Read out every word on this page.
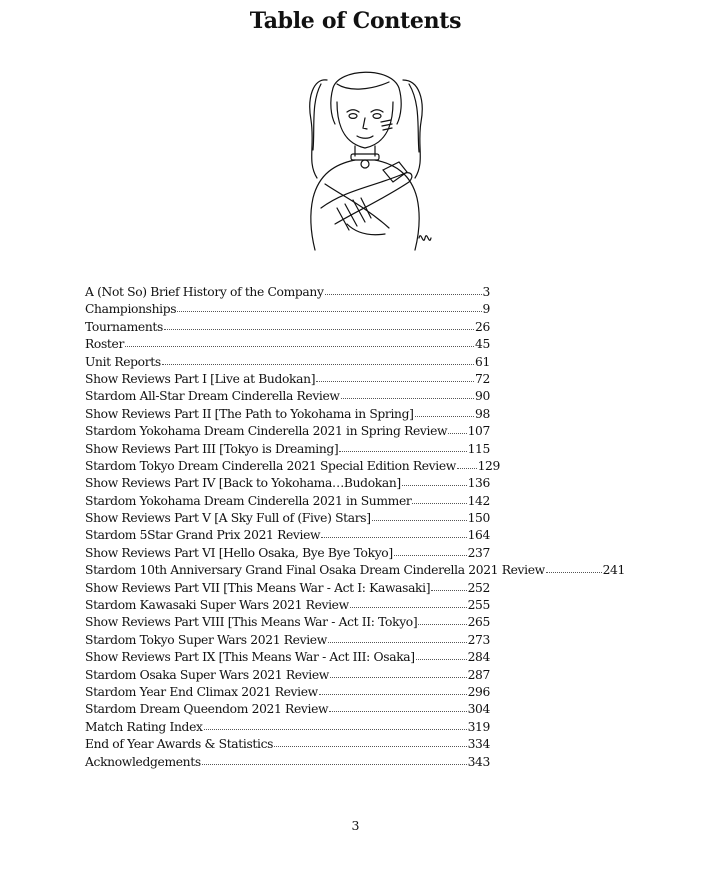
Table of Contents
A (Not So) Brief History of the Company	3
Championships	9
Tournaments	26
Roster	45
Unit Reports	61
Show Reviews Part I [Live at Budokan]	72
Stardom All-Star Dream Cinderella Review	90
Show Reviews Part II [The Path to Yokohama in Spring]	98
Stardom Yokohama Dream Cinderella 2021 in Spring Review 107
Show Reviews Part III [Tokyo is Dreaming]	115
Stardom Tokyo Dream Cinderella 2021 Special Edition Review 129
Show Reviews Part IV [Back to Yokohama…Budokan]	136
Stardom Yokohama Dream Cinderella 2021 in Summer	142
Show Reviews Part V [A Sky Full of (Five) Stars]	150
Stardom 5Star Grand Prix 2021 Review	164
Show Reviews Part VI [Hello Osaka, Bye Bye Tokyo]	237
Stardom 10th Anniversary Grand Final Osaka Dream Cinderella 2021 Review	241
Show Reviews Part VII [This Means War - Act I: Kawasaki]	252
Stardom Kawasaki Super Wars 2021 Review	255
Show Reviews Part VIII [This Means War - Act II: Tokyo]	265
Stardom Tokyo Super Wars 2021 Review	273
Show Reviews Part IX [This Means War - Act III: Osaka]	284
Stardom Osaka Super Wars 2021 Review	287
Stardom Year End Climax 2021 Review	296
Stardom Dream Queendom 2021 Review	304
Match Rating Index	319
End of Year Awards & Statistics	334
Acknowledgements	343
3
